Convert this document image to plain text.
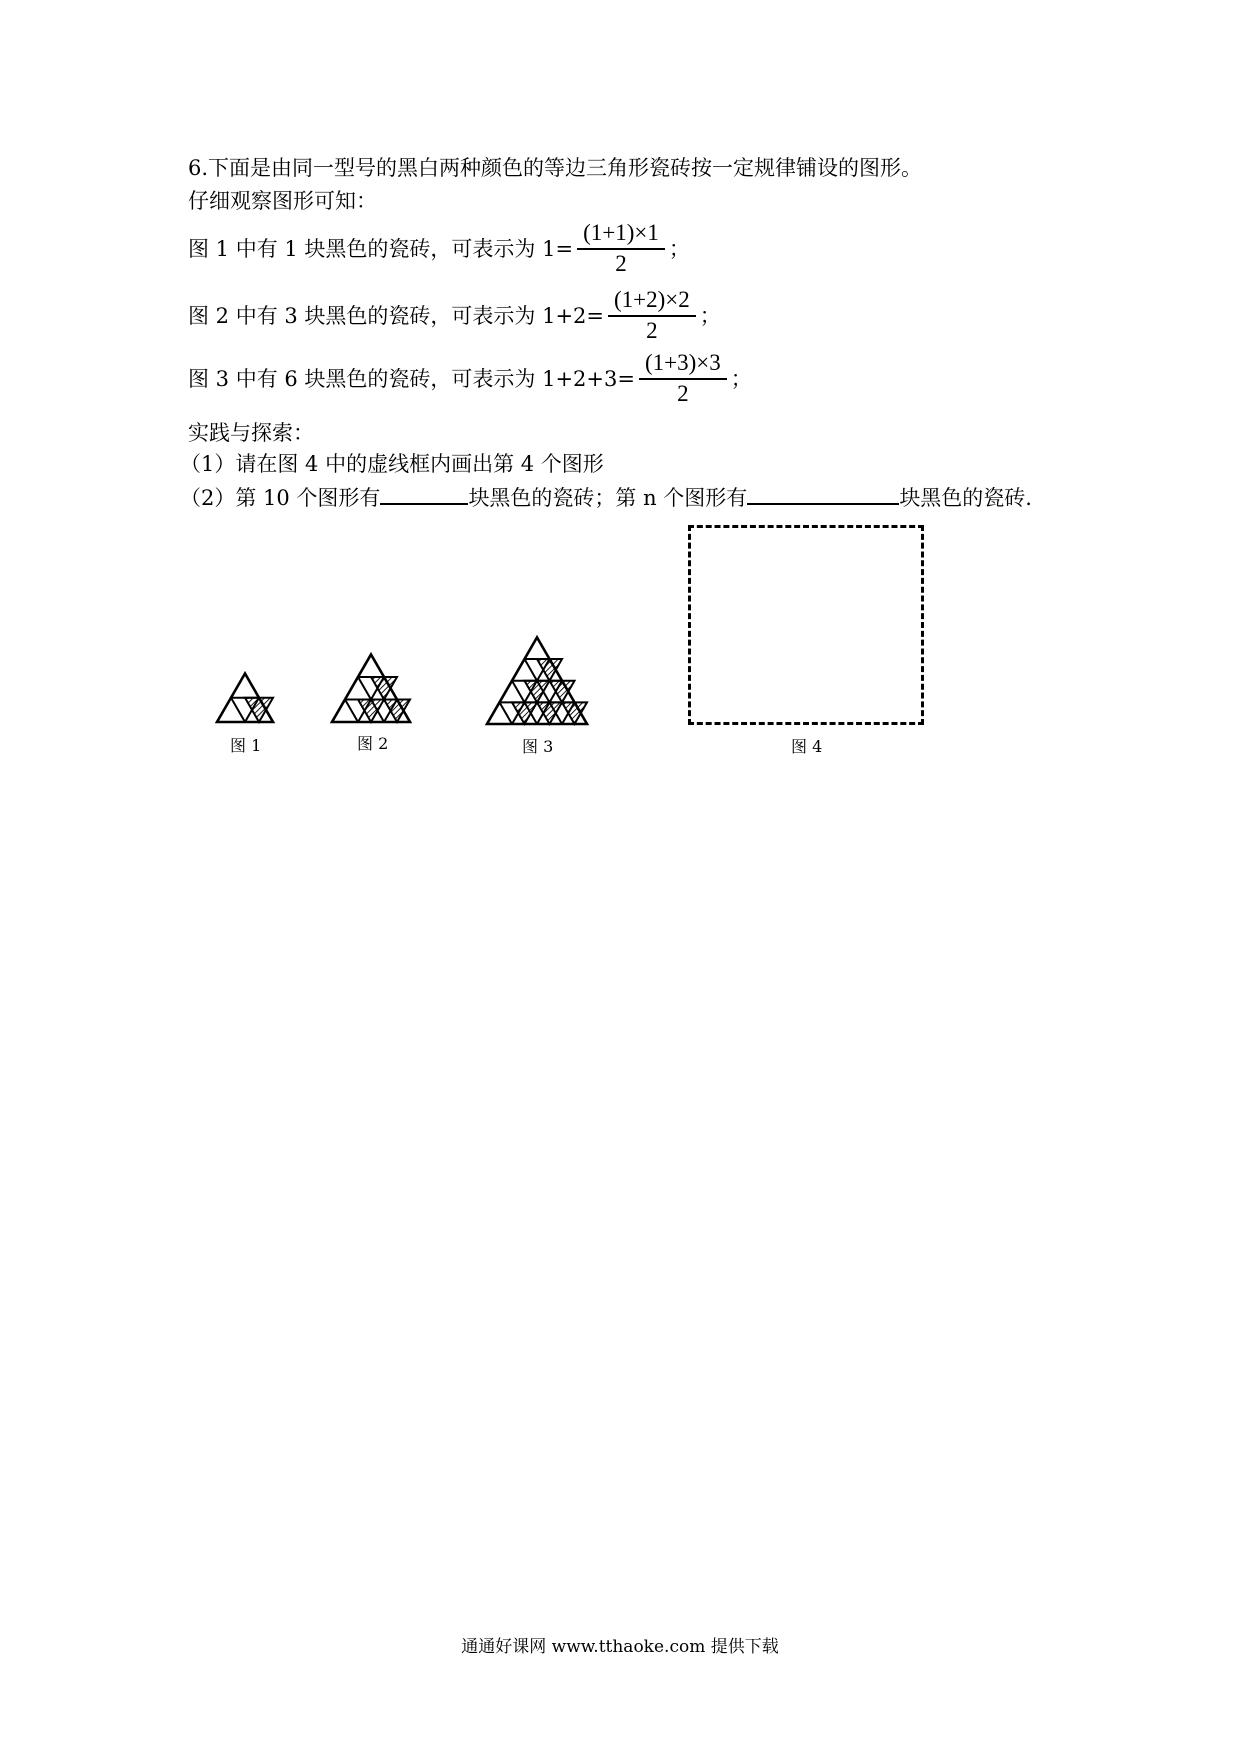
6.下面是由同一型号的黑白两种颜色的等边三角形瓷砖按一定规律铺设的图形。
仔细观察图形可知：
图 1 中有 1 块黑色的瓷砖，可表示为 $1= \frac{(1+1)\times 1}{2}$ ；
图 2 中有 3 块黑色的瓷砖，可表示为 $1+2= \frac{(1+2)\times 2}{2}$ ；
图 3 中有 6 块黑色的瓷砖，可表示为 $1+2+3= \frac{(1+3)\times 3}{2}$ ；
实践与探索：
（1）请在图 4 中的虚线框内画出第 4 个图形
（2）第 10 个图形有	块黑色的瓷砖；第 n 个图形有	块黑色的瓷砖.
图 1	图 2	图 3	图 4
通通好课网 www.tthaoke.com 提供下载
